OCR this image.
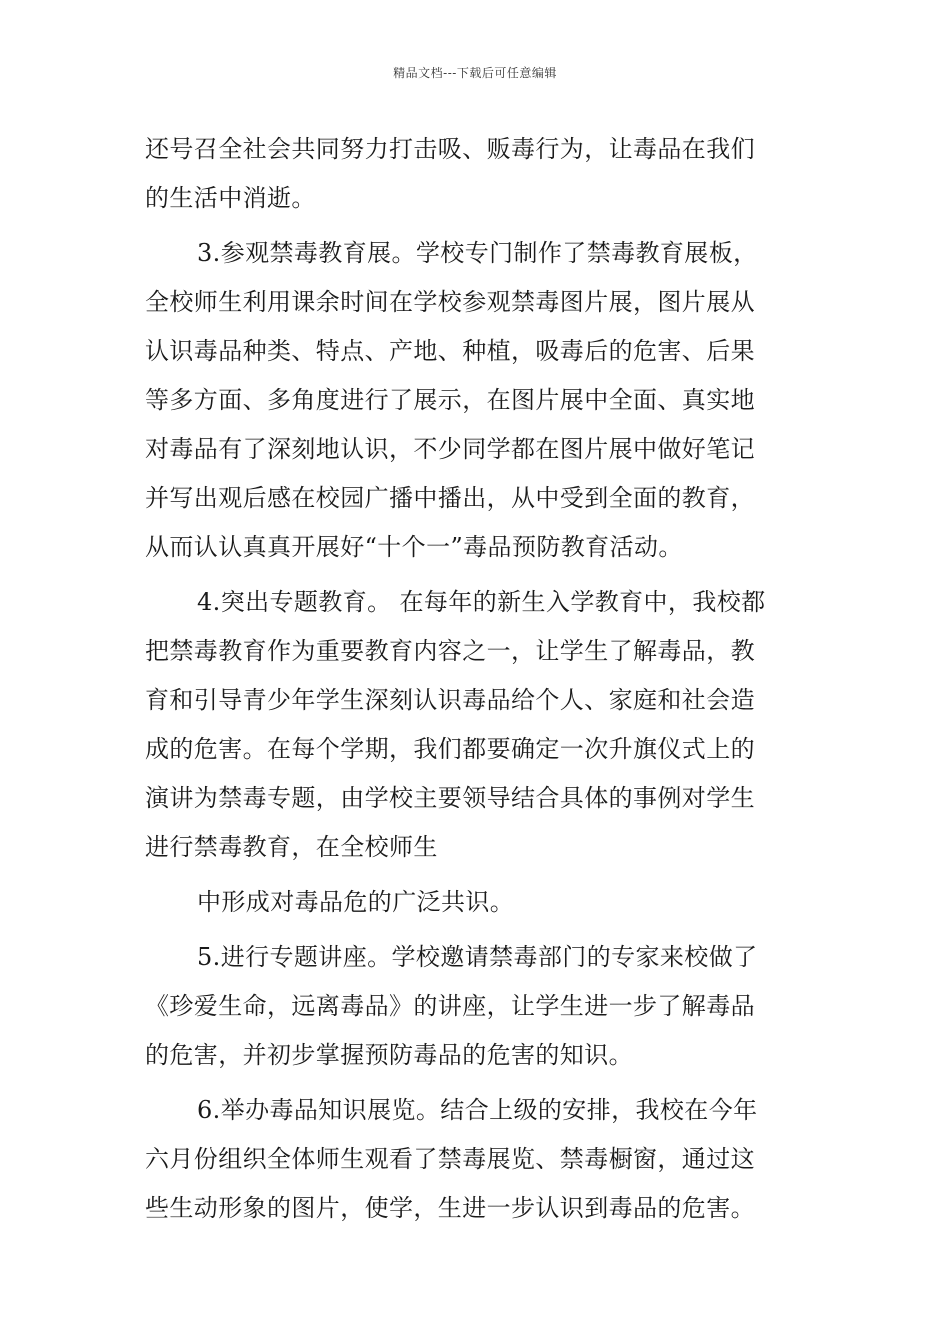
精品文档---下载后可任意编辑
还号召全社会共同努力打击吸、贩毒行为，让毒品在我们
的生活中消逝。
3.参观禁毒教育展。学校专门制作了禁毒教育展板，
全校师生利用课余时间在学校参观禁毒图片展，图片展从
认识毒品种类、特点、产地、种植，吸毒后的危害、后果
等多方面、多角度进行了展示，在图片展中全面、真实地
对毒品有了深刻地认识，不少同学都在图片展中做好笔记
并写出观后感在校园广播中播出，从中受到全面的教育，
从而认认真真开展好“十个一”毒品预防教育活动。
4.突出专题教育。 在每年的新生入学教育中，我校都
把禁毒教育作为重要教育内容之一，让学生了解毒品，教
育和引导青少年学生深刻认识毒品给个人、家庭和社会造
成的危害。在每个学期，我们都要确定一次升旗仪式上的
演讲为禁毒专题，由学校主要领导结合具体的事例对学生
进行禁毒教育，在全校师生
中形成对毒品危的广泛共识。
5.进行专题讲座。学校邀请禁毒部门的专家来校做了
《珍爱生命，远离毒品》的讲座，让学生进一步了解毒品
的危害，并初步掌握预防毒品的危害的知识。
6.举办毒品知识展览。结合上级的安排，我校在今年
六月份组织全体师生观看了禁毒展览、禁毒橱窗，通过这
些生动形象的图片，使学，生进一步认识到毒品的危害。
